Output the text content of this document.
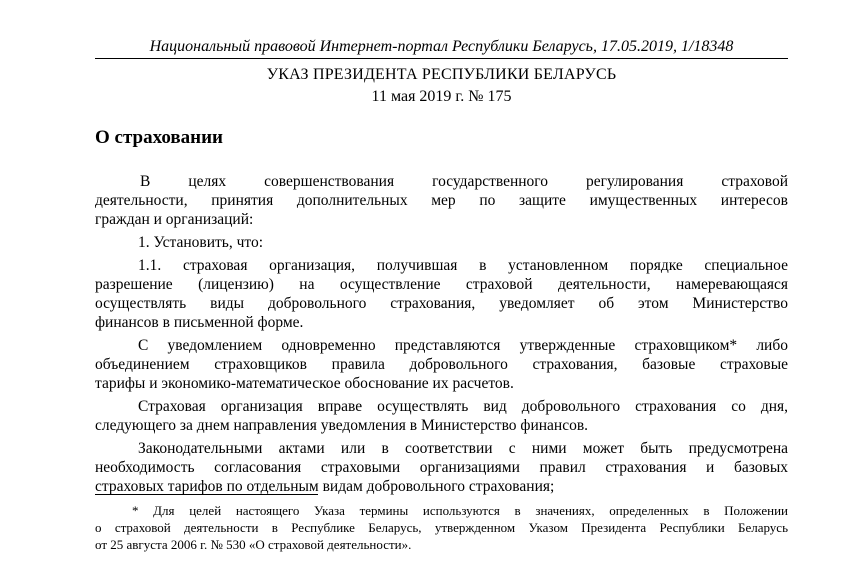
Национальный правовой Интернет-портал Республики Беларусь, 17.05.2019, 1/18348
УКАЗ ПРЕЗИДЕНТА РЕСПУБЛИКИ БЕЛАРУСЬ
11 мая 2019 г. № 175
О страховании
В целях совершенствования государственного регулирования страховой
деятельности, принятия дополнительных мер по защите имущественных интересов
граждан и организаций:
1. Установить, что:
1.1. страховая организация, получившая в установленном порядке специальное
разрешение (лицензию) на осуществление страховой деятельности, намеревающаяся
осуществлять виды добровольного страхования, уведомляет об этом Министерство
финансов в письменной форме.
С уведомлением одновременно представляются утвержденные страховщиком* либо
объединением страховщиков правила добровольного страхования, базовые страховые
тарифы и экономико-математическое обоснование их расчетов.
Страховая организация вправе осуществлять вид добровольного страхования со дня,
следующего за днем направления уведомления в Министерство финансов.
Законодательными актами или в соответствии с ними может быть предусмотрена
необходимость согласования страховыми организациями правил страхования и базовых
страховых тарифов по отдельным видам добровольного страхования;
* Для целей настоящего Указа термины используются в значениях, определенных в Положении
о страховой деятельности в Республике Беларусь, утвержденном Указом Президента Республики Беларусь
от 25 августа 2006 г. № 530 «О страховой деятельности».
